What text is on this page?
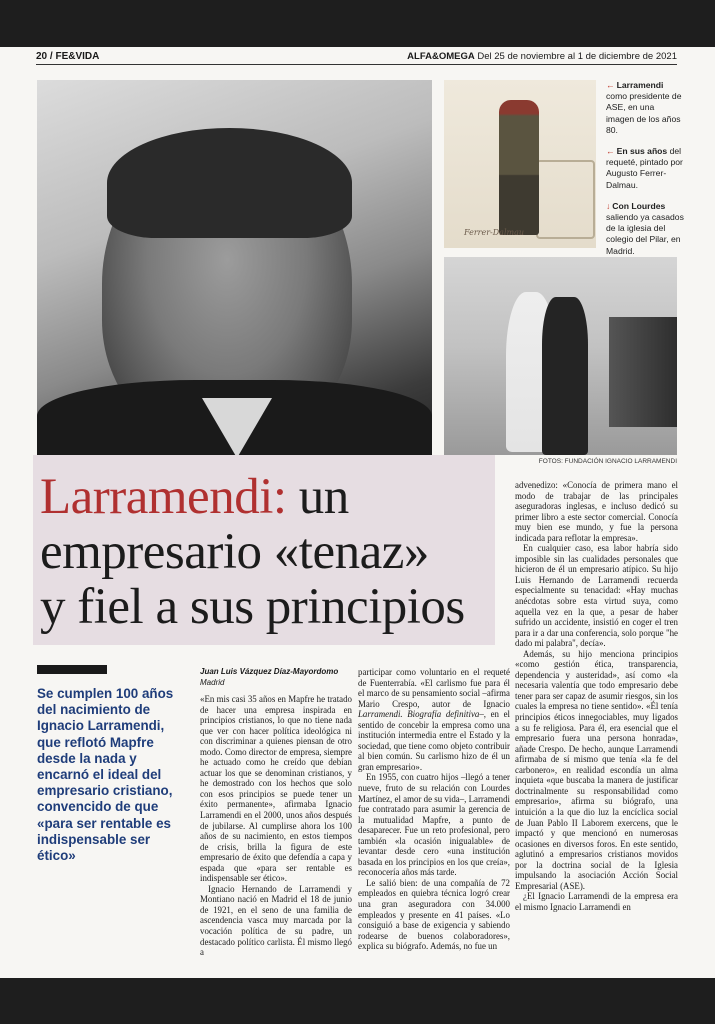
20 / FE&VIDA	ALFA&OMEGA Del 25 de noviembre al 1 de diciembre de 2021
Ferrer-Dalmau
← Larramendi como presidente de ASE, en una imagen de los años 80.
← En sus años del requeté, pintado por Augusto Ferrer-Dalmau.
↓ Con Lourdes saliendo ya casados de la iglesia del colegio del Pilar, en Madrid.
FOTOS: FUNDACIÓN IGNACIO LARRAMENDI
Larramendi: un
empresario «tenaz»
y fiel a sus principios
Se cumplen 100 años del nacimiento de Ignacio Larramendi, que reflotó Mapfre desde la nada y encarnó el ideal del empresario cristiano, convencido de que «para ser rentable es indispensable ser ético»
Juan Luis Vázquez Díaz-Mayordomo
Madrid

«En mis casi 35 años en Mapfre he tratado de hacer una empresa inspirada en principios cristianos, lo que no tiene nada que ver con hacer política ideológica ni con discriminar a quienes piensan de otro modo. Como director de empresa, siempre he actuado como he creído que debían actuar los que se denominan cristianos, y he demostrado con los hechos que solo con esos principios se puede tener un éxito permanente», afirmaba Ignacio Larramendi en el 2000, unos años después de jubilarse. Al cumplirse ahora los 100 años de su nacimiento, en estos tiempos de crisis, brilla la figura de este empresario de éxito que defendía a capa y espada que «para ser rentable es indispensable ser ético».

Ignacio Hernando de Larramendi y Montiano nació en Madrid el 18 de junio de 1921, en el seno de una familia de ascendencia vasca muy marcada por la vocación política de su padre, un destacado político carlista. Él mismo llegó a

participar como voluntario en el requeté de Fuenterrabía. «El carlismo fue para él el marco de su pensamiento social –afirma Mario Crespo, autor de Ignacio Larramendi. Biografía definitiva–, en el sentido de concebir la empresa como una institución intermedia entre el Estado y la sociedad, que tiene como objeto contribuir al bien común. Su carlismo hizo de él un gran empresario».

En 1955, con cuatro hijos –llegó a tener nueve, fruto de su relación con Lourdes Martínez, el amor de su vida–, Larramendi fue contratado para asumir la gerencia de la mutualidad Mapfre, a punto de desaparecer. Fue un reto profesional, pero también «la ocasión inigualable» de levantar desde cero «una institución basada en los principios en los que creía», reconocería años más tarde.

Le salió bien: de una compañía de 72 empleados en quiebra técnica logró crear una gran aseguradora con 34.000 empleados y presente en 41 países. «Lo consiguió a base de exigencia y sabiendo rodearse de buenos colaboradores», explica su biógrafo. Además, no fue un

advenedizo: «Conocía de primera mano el modo de trabajar de las principales aseguradoras inglesas, e incluso dedicó su primer libro a este sector comercial. Conocía muy bien ese mundo, y fue la persona indicada para reflotar la empresa».

En cualquier caso, esa labor habría sido imposible sin las cualidades personales que hicieron de él un empresario atípico. Su hijo Luis Hernando de Larramendi recuerda especialmente su tenacidad: «Hay muchas anécdotas sobre esta virtud suya, como aquella vez en la que, a pesar de haber sufrido un accidente, insistió en coger el tren para ir a dar una conferencia, solo porque "he dado mi palabra", decía».

Además, su hijo menciona principios «como gestión ética, transparencia, dependencia y austeridad», así como «la necesaria valentía que todo empresario debe tener para ser capaz de asumir riesgos, sin los cuales la empresa no tiene sentido». «Él tenía principios éticos innegociables, muy ligados a su fe religiosa. Para él, era esencial que el empresario fuera una persona honrada», añade Crespo. De hecho, aunque Larramendi afirmaba de sí mismo que tenía «la fe del carbonero», en realidad escondía un alma inquieta «que buscaba la manera de justificar doctrinalmente su responsabilidad como empresario», afirma su biógrafo, una intuición a la que dio luz la encíclica social de Juan Pablo II Laborem exercens, que le impactó y que mencionó en numerosas ocasiones en diversos foros. En este sentido, aglutinó a empresarios cristianos movidos por la doctrina social de la Iglesia impulsando la asociación Acción Social Empresarial (ASE).

¿El Ignacio Larramendi de la empresa era el mismo Ignacio Larramendi en
